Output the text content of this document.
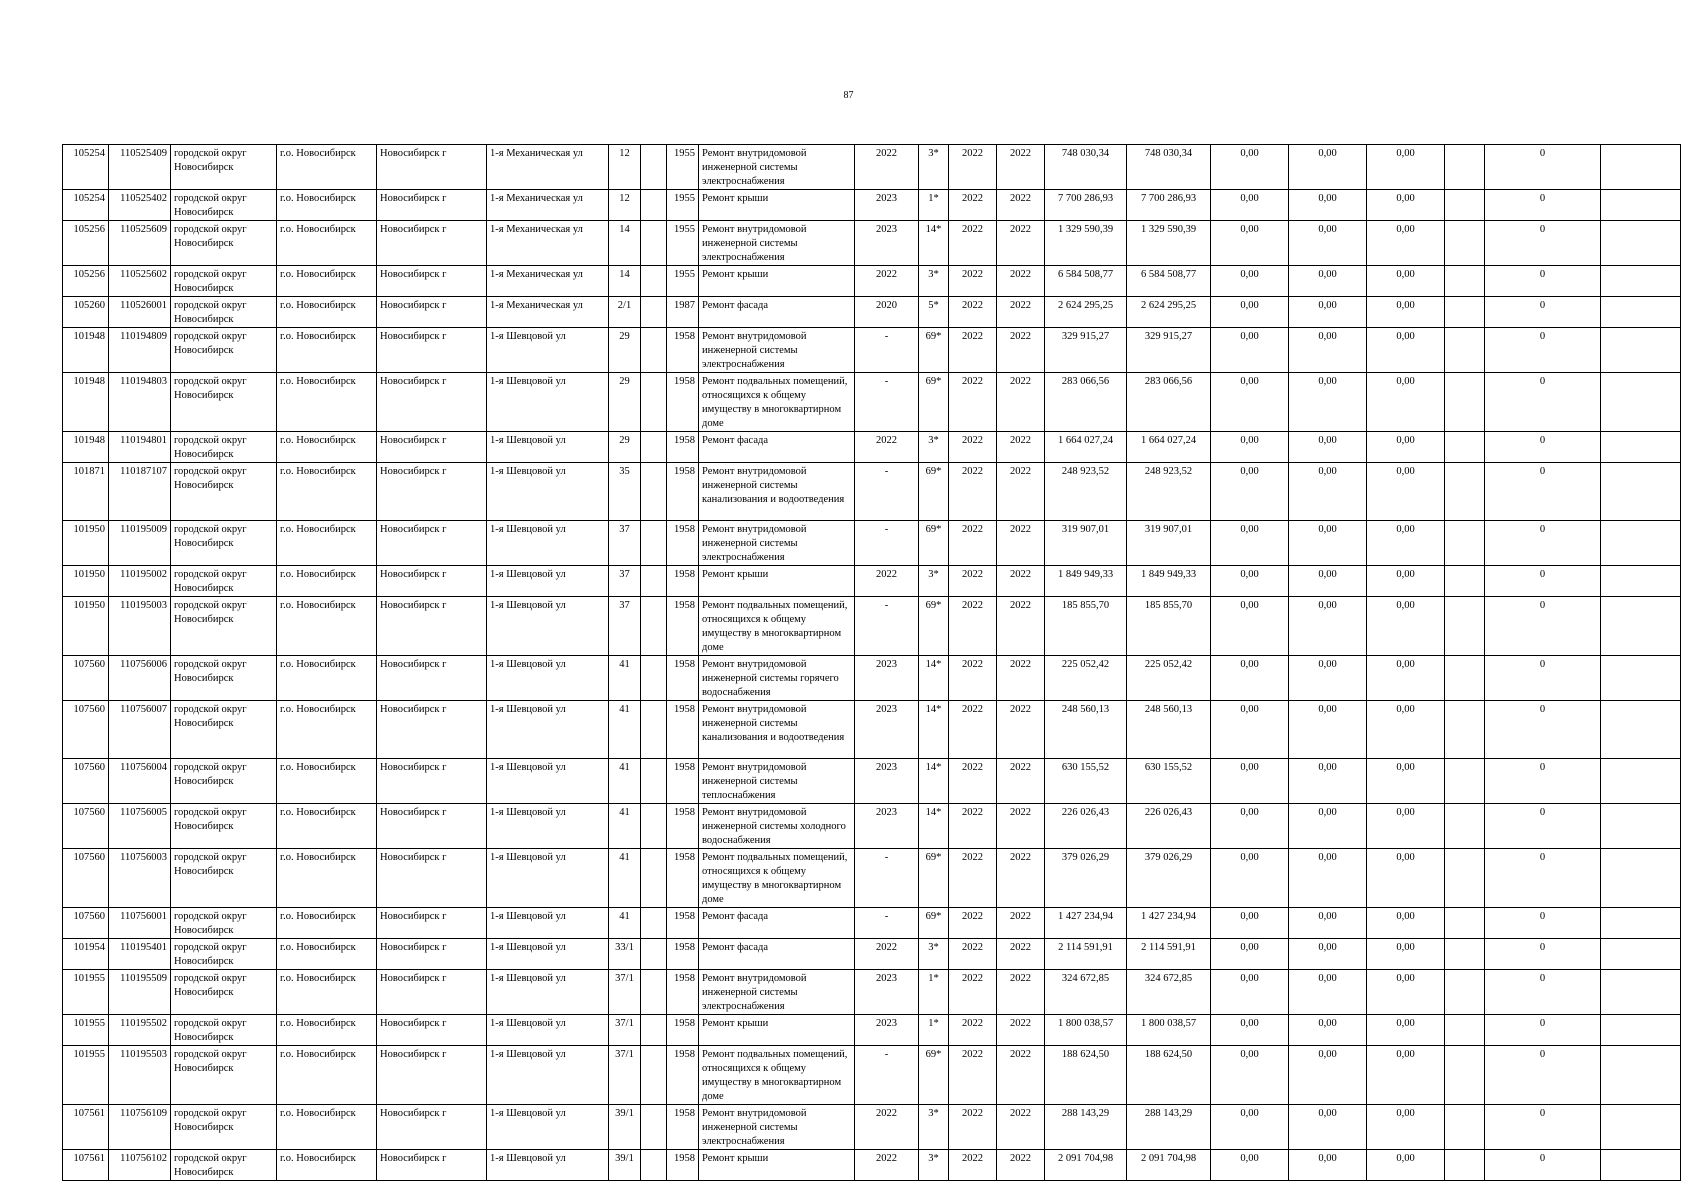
87
105254	110525409	городской округ Новосибирск	г.о. Новосибирск	Новосибирск г	1-я Механическая ул	12		1955	Ремонт внутридомовой инженерной системы электроснабжения	2022	3*	2022	2022	748 030,34	748 030,34	0,00	0,00	0,00		0	
105254	110525402	городской округ Новосибирск	г.о. Новосибирск	Новосибирск г	1-я Механическая ул	12		1955	Ремонт крыши	2023	1*	2022	2022	7 700 286,93	7 700 286,93	0,00	0,00	0,00		0	
105256	110525609	городской округ Новосибирск	г.о. Новосибирск	Новосибирск г	1-я Механическая ул	14		1955	Ремонт внутридомовой инженерной системы электроснабжения	2023	14*	2022	2022	1 329 590,39	1 329 590,39	0,00	0,00	0,00		0	
105256	110525602	городской округ Новосибирск	г.о. Новосибирск	Новосибирск г	1-я Механическая ул	14		1955	Ремонт крыши	2022	3*	2022	2022	6 584 508,77	6 584 508,77	0,00	0,00	0,00		0	
105260	110526001	городской округ Новосибирск	г.о. Новосибирск	Новосибирск г	1-я Механическая ул	2/1		1987	Ремонт фасада	2020	5*	2022	2022	2 624 295,25	2 624 295,25	0,00	0,00	0,00		0	
101948	110194809	городской округ Новосибирск	г.о. Новосибирск	Новосибирск г	1-я Шевцовой ул	29		1958	Ремонт внутридомовой инженерной системы электроснабжения	-	69*	2022	2022	329 915,27	329 915,27	0,00	0,00	0,00		0	
101948	110194803	городской округ Новосибирск	г.о. Новосибирск	Новосибирск г	1-я Шевцовой ул	29		1958	Ремонт подвальных помещений, относящихся к общему имуществу в многоквартирном доме	-	69*	2022	2022	283 066,56	283 066,56	0,00	0,00	0,00		0	
101948	110194801	городской округ Новосибирск	г.о. Новосибирск	Новосибирск г	1-я Шевцовой ул	29		1958	Ремонт фасада	2022	3*	2022	2022	1 664 027,24	1 664 027,24	0,00	0,00	0,00		0	
101871	110187107	городской округ Новосибирск	г.о. Новосибирск	Новосибирск г	1-я Шевцовой ул	35		1958	Ремонт внутридомовой инженерной системы канализования и водоотведения	-	69*	2022	2022	248 923,52	248 923,52	0,00	0,00	0,00		0	
101950	110195009	городской округ Новосибирск	г.о. Новосибирск	Новосибирск г	1-я Шевцовой ул	37		1958	Ремонт внутридомовой инженерной системы электроснабжения	-	69*	2022	2022	319 907,01	319 907,01	0,00	0,00	0,00		0	
101950	110195002	городской округ Новосибирск	г.о. Новосибирск	Новосибирск г	1-я Шевцовой ул	37		1958	Ремонт крыши	2022	3*	2022	2022	1 849 949,33	1 849 949,33	0,00	0,00	0,00		0	
101950	110195003	городской округ Новосибирск	г.о. Новосибирск	Новосибирск г	1-я Шевцовой ул	37		1958	Ремонт подвальных помещений, относящихся к общему имуществу в многоквартирном доме	-	69*	2022	2022	185 855,70	185 855,70	0,00	0,00	0,00		0	
107560	110756006	городской округ Новосибирск	г.о. Новосибирск	Новосибирск г	1-я Шевцовой ул	41		1958	Ремонт внутридомовой инженерной системы горячего водоснабжения	2023	14*	2022	2022	225 052,42	225 052,42	0,00	0,00	0,00		0	
107560	110756007	городской округ Новосибирск	г.о. Новосибирск	Новосибирск г	1-я Шевцовой ул	41		1958	Ремонт внутридомовой инженерной системы канализования и водоотведения	2023	14*	2022	2022	248 560,13	248 560,13	0,00	0,00	0,00		0	
107560	110756004	городской округ Новосибирск	г.о. Новосибирск	Новосибирск г	1-я Шевцовой ул	41		1958	Ремонт внутридомовой инженерной системы теплоснабжения	2023	14*	2022	2022	630 155,52	630 155,52	0,00	0,00	0,00		0	
107560	110756005	городской округ Новосибирск	г.о. Новосибирск	Новосибирск г	1-я Шевцовой ул	41		1958	Ремонт внутридомовой инженерной системы холодного водоснабжения	2023	14*	2022	2022	226 026,43	226 026,43	0,00	0,00	0,00		0	
107560	110756003	городской округ Новосибирск	г.о. Новосибирск	Новосибирск г	1-я Шевцовой ул	41		1958	Ремонт подвальных помещений, относящихся к общему имуществу в многоквартирном доме	-	69*	2022	2022	379 026,29	379 026,29	0,00	0,00	0,00		0	
107560	110756001	городской округ Новосибирск	г.о. Новосибирск	Новосибирск г	1-я Шевцовой ул	41		1958	Ремонт фасада	-	69*	2022	2022	1 427 234,94	1 427 234,94	0,00	0,00	0,00		0	
101954	110195401	городской округ Новосибирск	г.о. Новосибирск	Новосибирск г	1-я Шевцовой ул	33/1		1958	Ремонт фасада	2022	3*	2022	2022	2 114 591,91	2 114 591,91	0,00	0,00	0,00		0	
101955	110195509	городской округ Новосибирск	г.о. Новосибирск	Новосибирск г	1-я Шевцовой ул	37/1		1958	Ремонт внутридомовой инженерной системы электроснабжения	2023	1*	2022	2022	324 672,85	324 672,85	0,00	0,00	0,00		0	
101955	110195502	городской округ Новосибирск	г.о. Новосибирск	Новосибирск г	1-я Шевцовой ул	37/1		1958	Ремонт крыши	2023	1*	2022	2022	1 800 038,57	1 800 038,57	0,00	0,00	0,00		0	
101955	110195503	городской округ Новосибирск	г.о. Новосибирск	Новосибирск г	1-я Шевцовой ул	37/1		1958	Ремонт подвальных помещений, относящихся к общему имуществу в многоквартирном доме	-	69*	2022	2022	188 624,50	188 624,50	0,00	0,00	0,00		0	
107561	110756109	городской округ Новосибирск	г.о. Новосибирск	Новосибирск г	1-я Шевцовой ул	39/1		1958	Ремонт внутридомовой инженерной системы электроснабжения	2022	3*	2022	2022	288 143,29	288 143,29	0,00	0,00	0,00		0	
107561	110756102	городской округ Новосибирск	г.о. Новосибирск	Новосибирск г	1-я Шевцовой ул	39/1		1958	Ремонт крыши	2022	3*	2022	2022	2 091 704,98	2 091 704,98	0,00	0,00	0,00		0	
